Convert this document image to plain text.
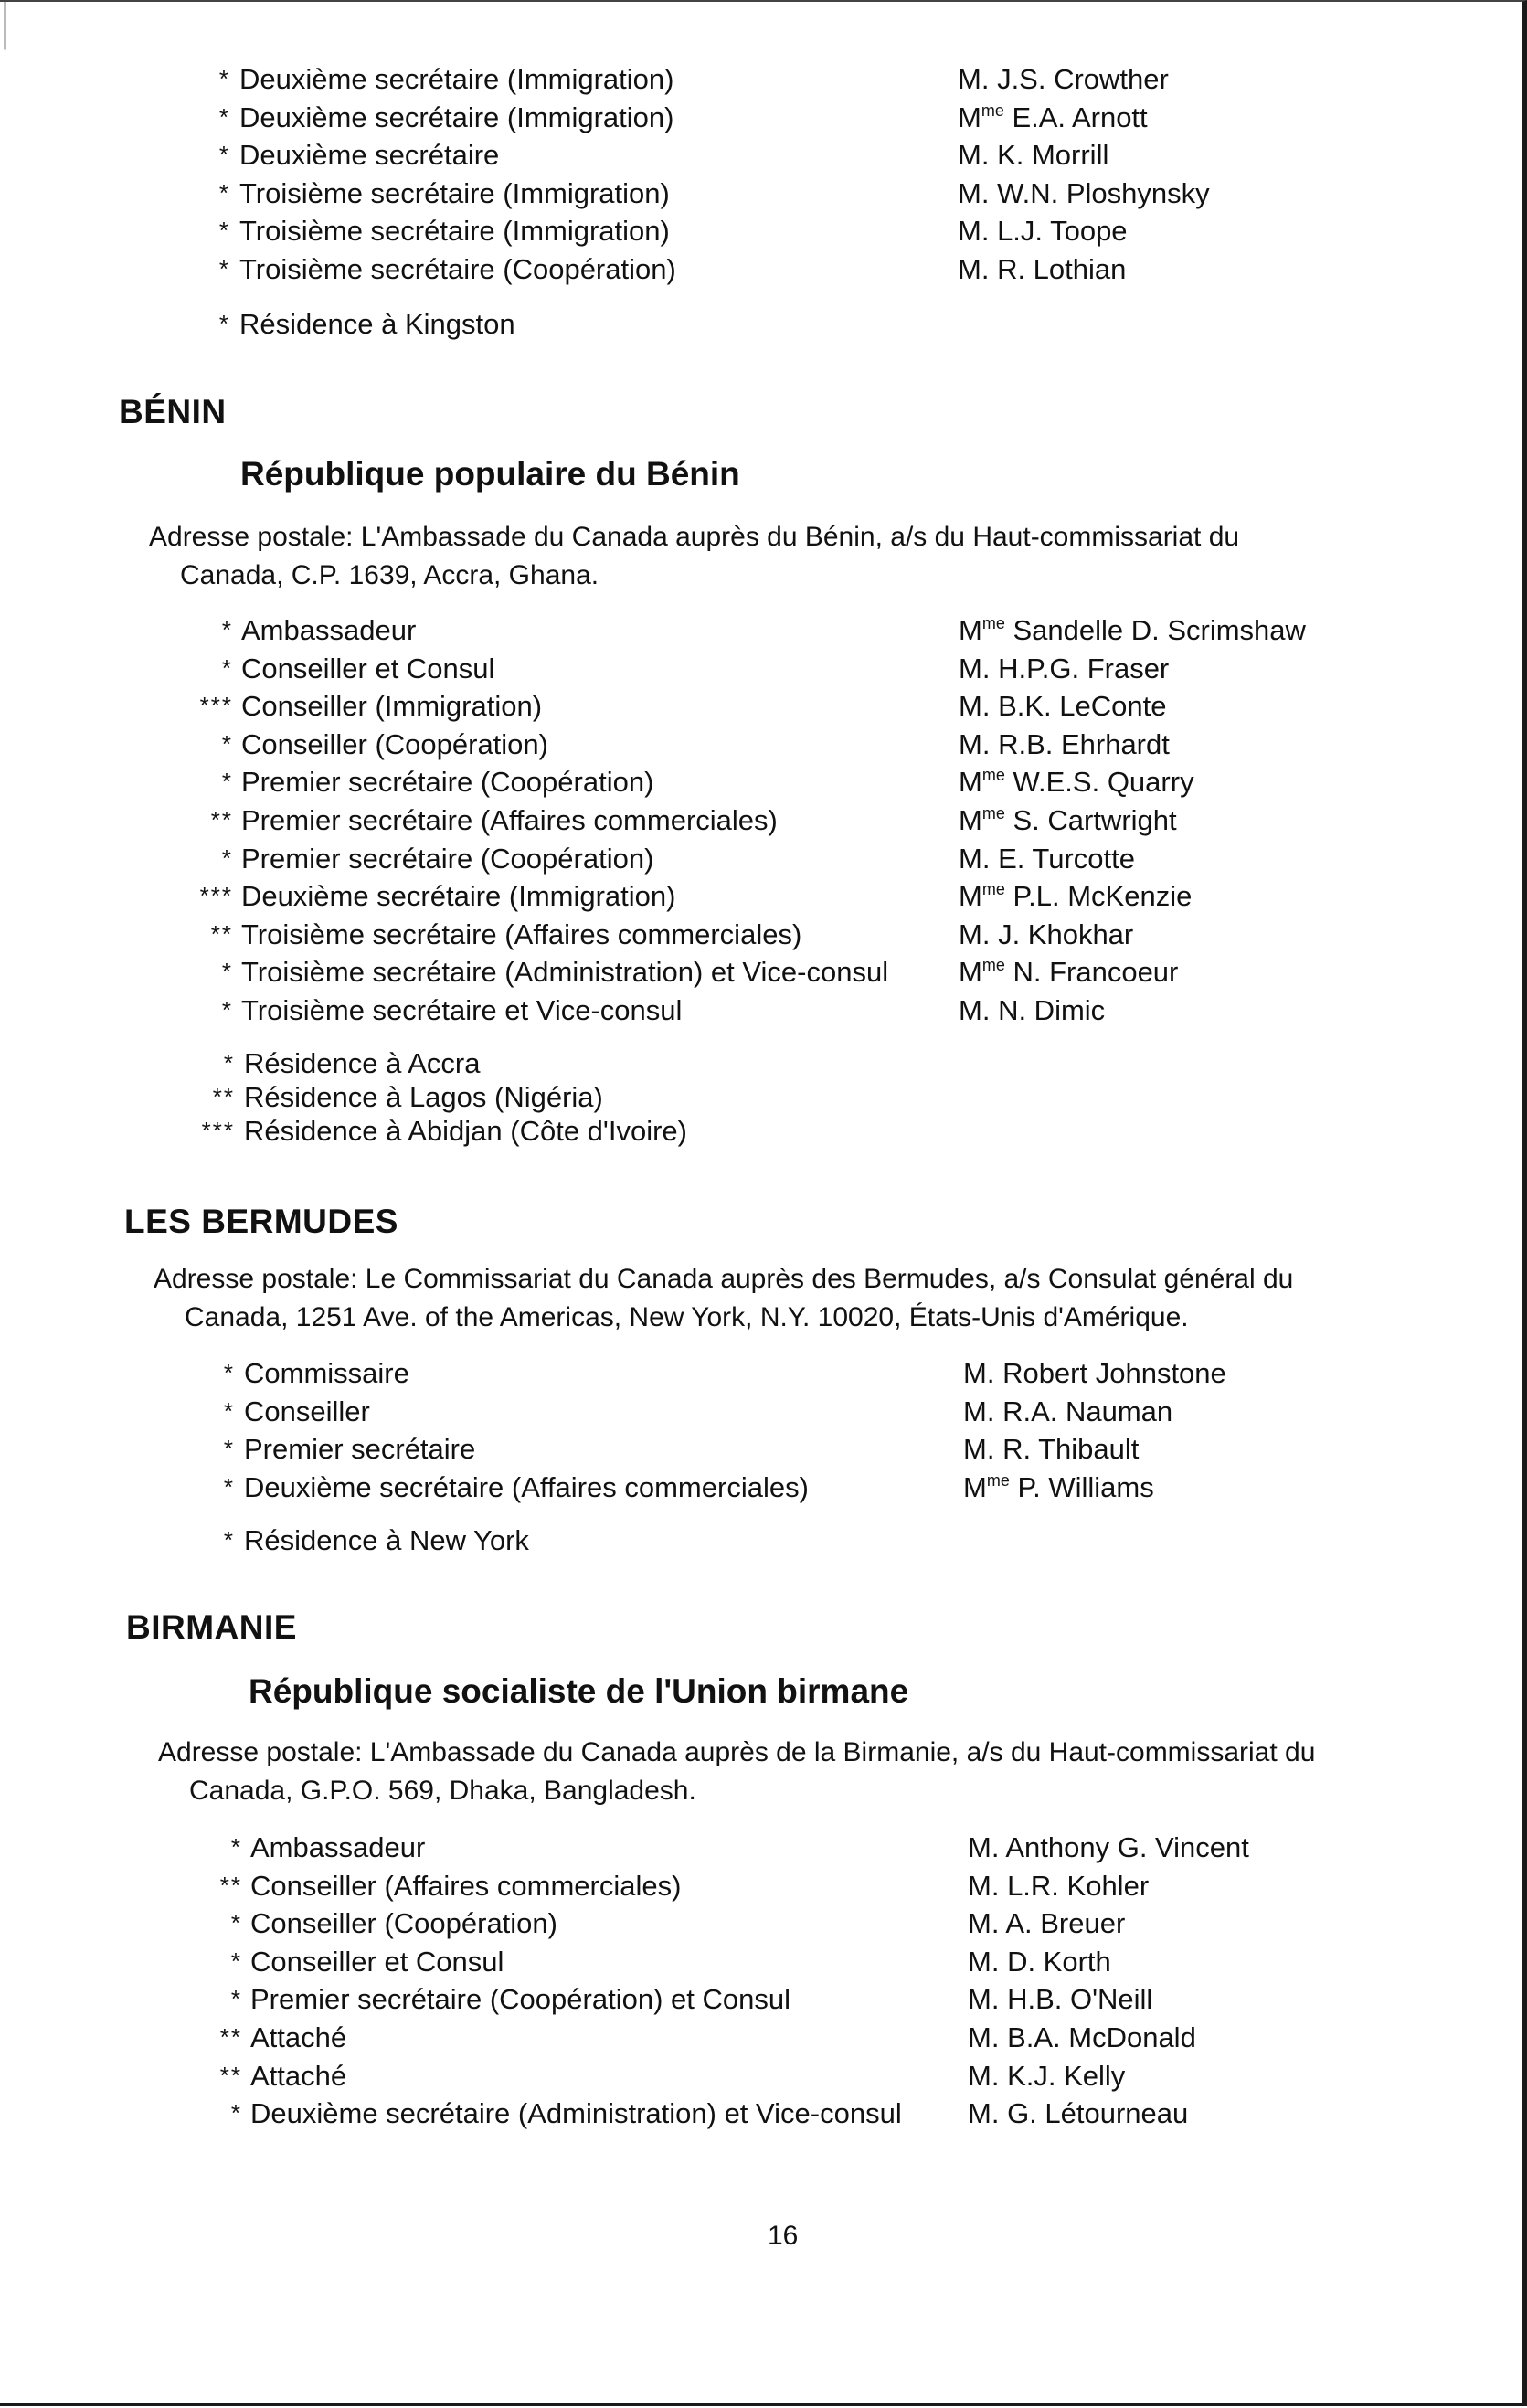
* Deuxième secrétaire (Immigration)	M. J.S. Crowther
* Deuxième secrétaire (Immigration)	$M^{me}$ E.A. Arnott
* Deuxième secrétaire	M. K. Morrill
* Troisième secrétaire (Immigration)	M. W.N. Ploshynsky
* Troisième secrétaire (Immigration)	M. L.J. Toope
* Troisième secrétaire (Coopération)	M. R. Lothian
* Résidence à Kingston
BÉNIN
République populaire du Bénin
Adresse postale: L'Ambassade du Canada auprès du Bénin, a/s du Haut-commissariat du
Canada, C.P. 1639, Accra, Ghana.
* Ambassadeur	$M^{me}$ Sandelle D. Scrimshaw
* Conseiller et Consul	M. H.P.G. Fraser
*** Conseiller (Immigration)	M. B.K. LeConte
* Conseiller (Coopération)	M. R.B. Ehrhardt
* Premier secrétaire (Coopération)	$M^{me}$ W.E.S. Quarry
** Premier secrétaire (Affaires commerciales)	$M^{me}$ S. Cartwright
* Premier secrétaire (Coopération)	M. E. Turcotte
*** Deuxième secrétaire (Immigration)	$M^{me}$ P.L. McKenzie
** Troisième secrétaire (Affaires commerciales)	M. J. Khokhar
* Troisième secrétaire (Administration) et Vice-consul $M^{me}$ N. Francoeur
* Troisième secrétaire et Vice-consul	M. N. Dimic
* Résidence à Accra
** Résidence à Lagos (Nigéria)
*** Résidence à Abidjan (Côte d'Ivoire)
LES BERMUDES
Adresse postale: Le Commissariat du Canada auprès des Bermudes, a/s Consulat général du
Canada, 1251 Ave. of the Americas, New York, N.Y. 10020, États-Unis d'Amérique.
* Commissaire	M. Robert Johnstone
* Conseiller	M. R.A. Nauman
* Premier secrétaire	M. R. Thibault
* Deuxième secrétaire (Affaires commerciales)	$M^{me}$ P. Williams
* Résidence à New York
BIRMANIE
République socialiste de l'Union birmane
Adresse postale: L'Ambassade du Canada auprès de la Birmanie, a/s du Haut-commissariat du
Canada, G.P.O. 569, Dhaka, Bangladesh.
* Ambassadeur	M. Anthony G. Vincent
** Conseiller (Affaires commerciales)	M. L.R. Kohler
* Conseiller (Coopération)	M. A. Breuer
* Conseiller et Consul	M. D. Korth
* Premier secrétaire (Coopération) et Consul	M. H.B. O'Neill
** Attaché	M. B.A. McDonald
** Attaché	M. K.J. Kelly
* Deuxième secrétaire (Administration) et Vice-consul M. G. Létourneau
16
